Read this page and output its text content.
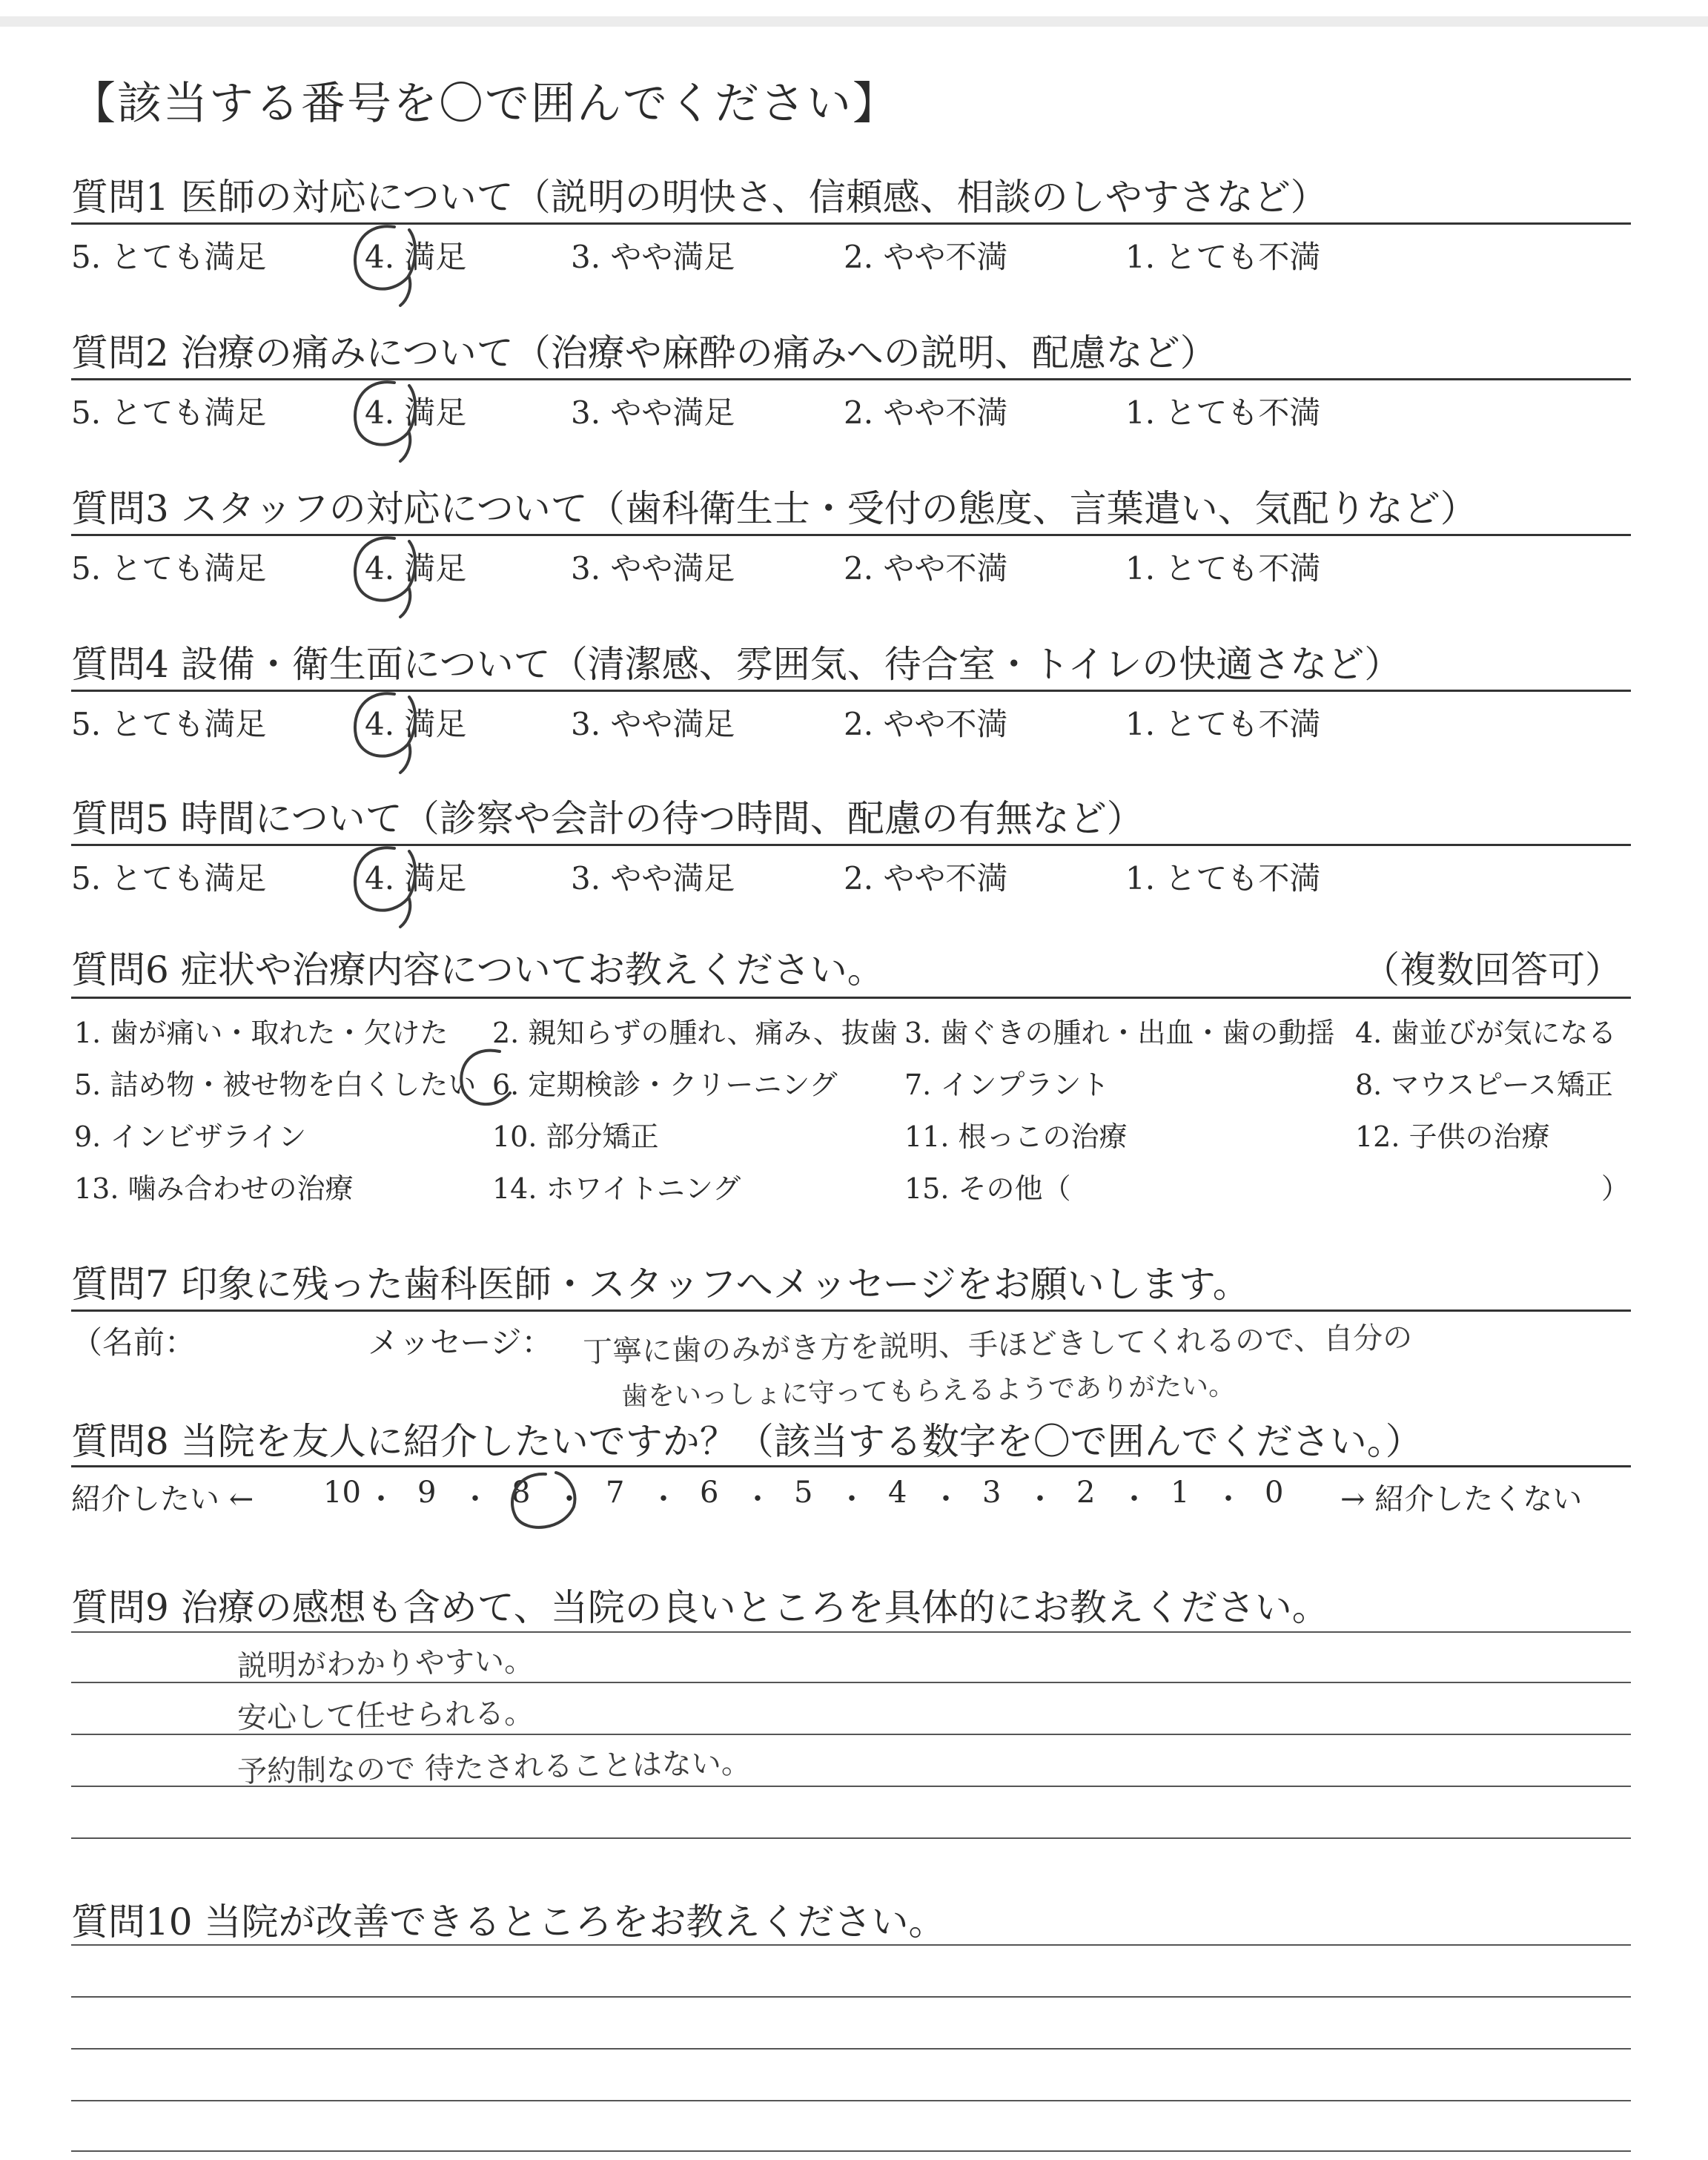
【該当する番号を〇で囲んでください】
質問1 医師の対応について（説明の明快さ、信頼感、相談のしやすさなど）
5. とても満足	4. 満足	3. やや満足	2. やや不満	1. とても不満
質問2 治療の痛みについて（治療や麻酔の痛みへの説明、配慮など）
5. とても満足	4. 満足	3. やや満足	2. やや不満	1. とても不満
質問3 スタッフの対応について（歯科衛生士・受付の態度、言葉遣い、気配りなど）
5. とても満足	4. 満足	3. やや満足	2. やや不満	1. とても不満
質問4 設備・衛生面について（清潔感、雰囲気、待合室・トイレの快適さなど）
5. とても満足	4. 満足	3. やや満足	2. やや不満	1. とても不満
質問5 時間について（診察や会計の待つ時間、配慮の有無など）
5. とても満足	4. 満足	3. やや満足	2. やや不満	1. とても不満
質問6 症状や治療内容についてお教えください。	（複数回答可）
1. 歯が痛い・取れた・欠けた 2. 親知らずの腫れ、痛み、抜歯 3. 歯ぐきの腫れ・出血・歯の動揺 4. 歯並びが気になる
5. 詰め物・被せ物を白くしたい 6. 定期検診・クリーニング 7. インプラント	8. マウスピース矯正
9. インビザライン	10. 部分矯正	11. 根っこの治療	12. 子供の治療
13. 噛み合わせの治療	14. ホワイトニング	15. その他（	）
質問7 印象に残った歯科医師・スタッフへメッセージをお願いします。
（名前：	メッセージ： 丁寧に歯のみがき方を説明、手ほどきしてくれるので、自分の
歯をいっしょに守ってもらえるようでありがたい。
質問8 当院を友人に紹介したいですか？（該当する数字を〇で囲んでください。）
紹介したい ←	→ 紹介したくない
10 ・ 9 ・ 8 ・ 7 ・ 6 ・ 5 ・ 4 ・ 3 ・ 2 ・ 1 ・ 0
質問9 治療の感想も含めて、当院の良いところを具体的にお教えください。
説明がわかりやすい。
安心して任せられる。
予約制なので 待たされることはない。
質問10 当院が改善できるところをお教えください。
